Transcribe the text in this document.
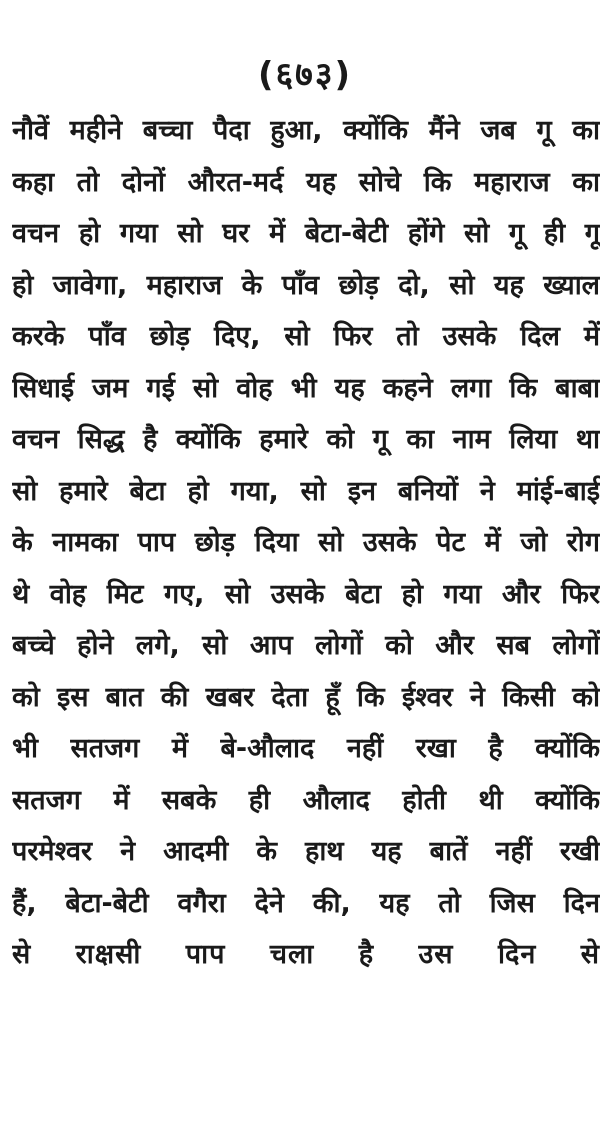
(६७३)
नौवें महीने बच्चा पैदा हुआ, क्योंकि मैंने जब गू का
कहा तो दोनों औरत-मर्द यह सोचे कि महाराज का
वचन हो गया सो घर में बेटा-बेटी होंगे सो गू ही गू
हो जावेगा, महाराज के पाँव छोड़ दो, सो यह ख्याल
करके पाँव छोड़ दिए, सो फिर तो उसके दिल में
सिधाई जम गई सो वोह भी यह कहने लगा कि बाबा
वचन सिद्ध है क्योंकि हमारे को गू का नाम लिया था
सो हमारे बेटा हो गया, सो इन बनियों ने मांई-बाई
के नामका पाप छोड़ दिया सो उसके पेट में जो रोग
थे वोह मिट गए, सो उसके बेटा हो गया और फिर
बच्चे होने लगे, सो आप लोगों को और सब लोगों
को इस बात की खबर देता हूँ कि ईश्वर ने किसी को
भी सतजग में बे-औलाद नहीं रखा है क्योंकि
सतजग में सबके ही औलाद होती थी क्योंकि
परमेश्वर ने आदमी के हाथ यह बातें नहीं रखी
हैं, बेटा-बेटी वगैरा देने की, यह तो जिस दिन
से राक्षसी पाप चला है उस दिन से
